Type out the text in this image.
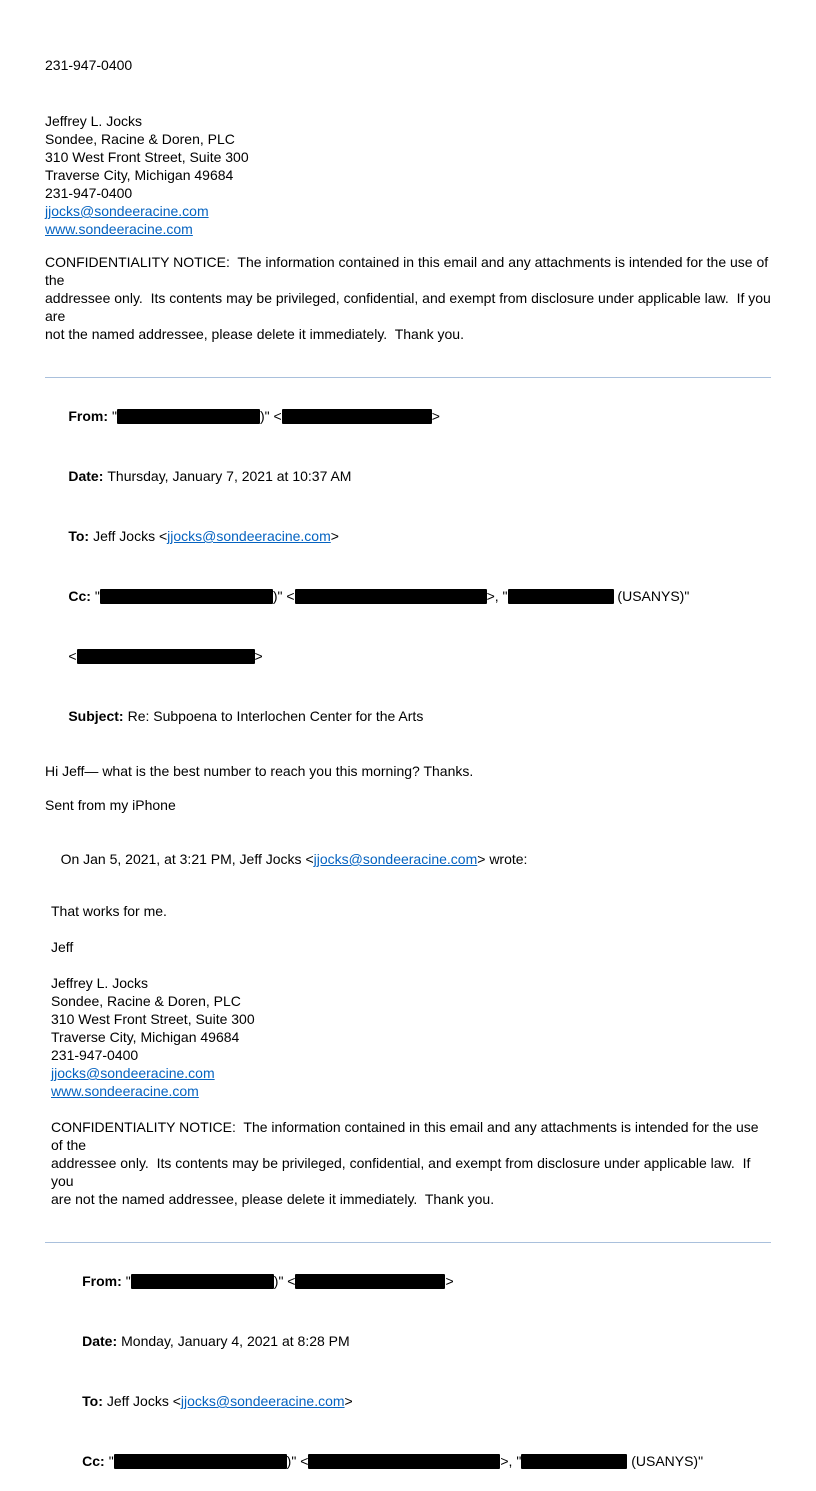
231-947-0400
Jeffrey L. Jocks
Sondee, Racine & Doren, PLC
310 West Front Street, Suite 300
Traverse City, Michigan 49684
231-947-0400
jjocks@sondeeracine.com
www.sondeeracine.com
CONFIDENTIALITY NOTICE:  The information contained in this email and any attachments is intended for the use of the
addressee only.  Its contents may be privileged, confidential, and exempt from disclosure under applicable law.  If you are
not the named addressee, please delete it immediately.  Thank you.

From: "	)" <	>

Date: Thursday, January 7, 2021 at 10:37 AM

To: Jeff Jocks <jjocks@sondeeracine.com>

Cc: "	)" <	>, "	(USANYS)"

<	>

Subject: Re: Subpoena to Interlochen Center for the Arts

Hi Jeff— what is the best number to reach you this morning? Thanks.
Sent from my iPhone

On Jan 5, 2021, at 3:21 PM, Jeff Jocks <jjocks@sondeeracine.com> wrote:

That works for me.
Jeff
Jeffrey L. Jocks
Sondee, Racine & Doren, PLC
310 West Front Street, Suite 300
Traverse City, Michigan 49684
231-947-0400
jjocks@sondeeracine.com
www.sondeeracine.com
CONFIDENTIALITY NOTICE:  The information contained in this email and any attachments is intended for the use of the
addressee only.  Its contents may be privileged, confidential, and exempt from disclosure under applicable law.  If you
are not the named addressee, please delete it immediately.  Thank you.

From: "	)" <	>

Date: Monday, January 4, 2021 at 8:28 PM

To: Jeff Jocks <jjocks@sondeeracine.com>

Cc: "	)" <	>, "	(USANYS)"
